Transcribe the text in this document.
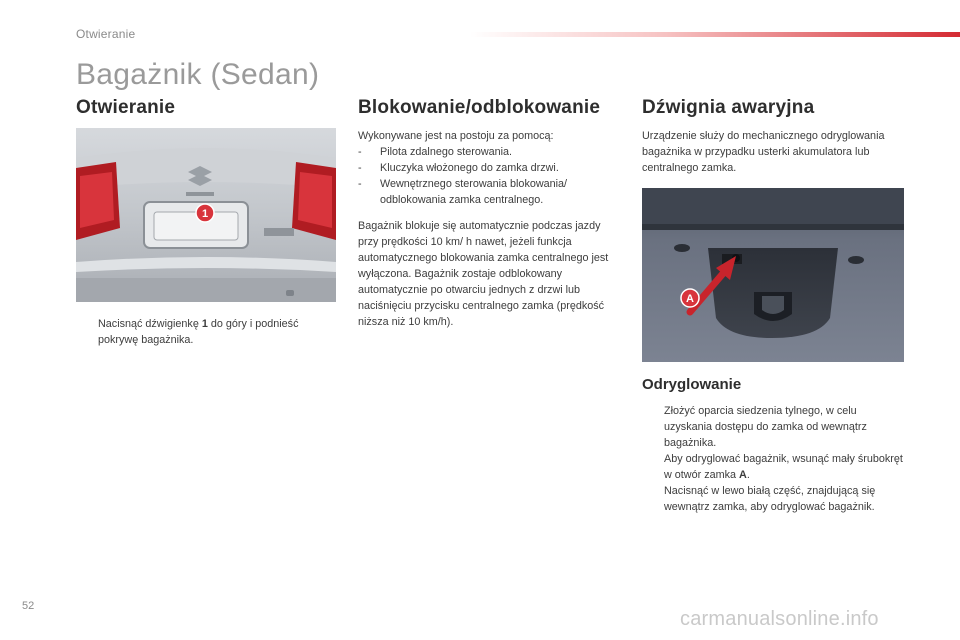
Otwieranie
Bagażnik (Sedan)
Otwieranie
1
Nacisnąć dźwigienkę 1 do góry i podnieść pokrywę bagażnika.
Blokowanie/odblokowanie

Wykonywane jest na postoju za pomocą:

-	Pilota zdalnego sterowania.
-	Kluczyka włożonego do zamka drzwi.
-	Wewnętrznego sterowania blokowania/ odblokowania zamka centralnego.

Bagażnik blokuje się automatycznie podczas jazdy przy prędkości 10 km/ h nawet, jeżeli funkcja automatycznego blokowania zamka centralnego jest wyłączona. Bagażnik zostaje odblokowany automatycznie po otwarciu jednych z drzwi lub naciśnięciu przycisku centralnego zamka (prędkość niższa niż 10 km/h).

Dźwignia awaryjna

Urządzenie służy do mechanicznego odryglowania bagażnika w przypadku usterki akumulatora lub centralnego zamka.

A
Odryglowanie
Złożyć oparcia siedzenia tylnego, w celu uzyskania dostępu do zamka od wewnątrz bagażnika.
Aby odryglować bagażnik, wsunąć mały śrubokręt w otwór zamka A.
Nacisnąć w lewo białą część, znajdującą się wewnątrz zamka, aby odryglować bagażnik.
52
carmanualsonline.info
